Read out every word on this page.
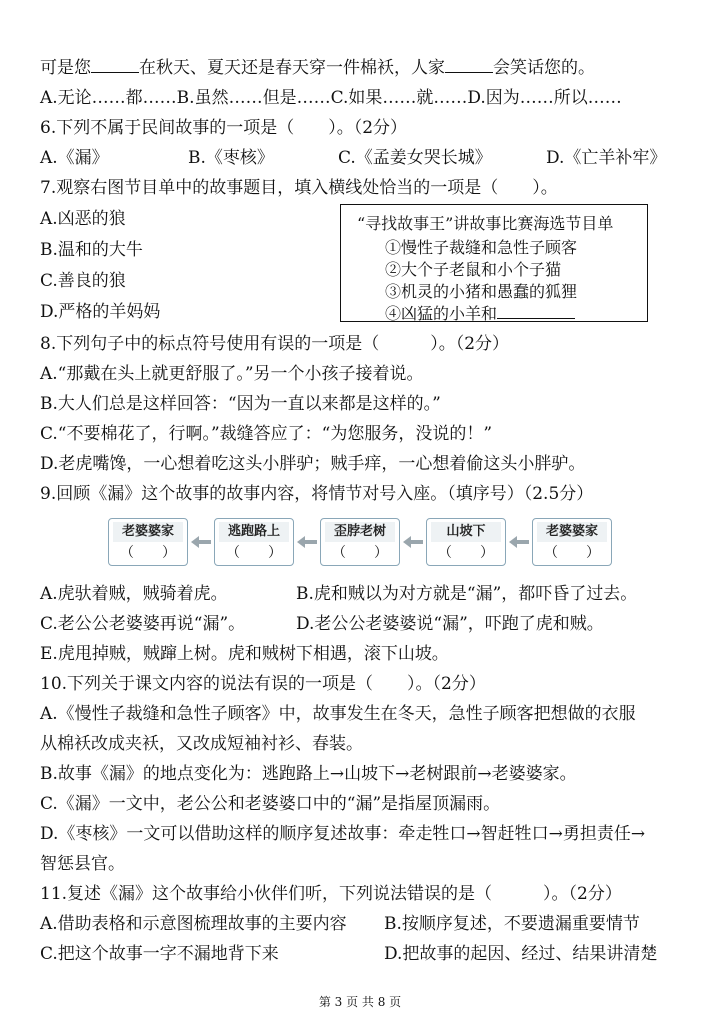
可是您	在秋天、夏天还是春天穿一件棉袄，人家	会笑话您的。
A.无论……都……B.虽然……但是……C.如果……就……D.因为……所以……
6.下列不属于民间故事的一项是（　　）。（2分）
A.《漏》	B.《枣核》	C.《孟姜女哭长城》	D.《亡羊补牢》
7.观察右图节目单中的故事题目，填入横线处恰当的一项是（　　）。
A.凶恶的狼
B.温和的大牛
C.善良的狼
D.严格的羊妈妈
“寻找故事王”讲故事比赛海选节目单
①慢性子裁缝和急性子顾客
②大个子老鼠和小个子猫
③机灵的小猪和愚蠢的狐狸
④凶猛的小羊和
8.下列句子中的标点符号使用有误的一项是（　　　）。（2分）
A.“那戴在头上就更舒服了。”另一个小孩子接着说。
B.大人们总是这样回答：“因为一直以来都是这样的。”
C.“不要棉花了，行啊。”裁缝答应了：“为您服务，没说的！”
D.老虎嘴馋，一心想着吃这头小胖驴；贼手痒，一心想着偷这头小胖驴。
9.回顾《漏》这个故事的故事内容，将情节对号入座。（填序号）（2.5分）
老婆婆家
（　　）
逃跑路上
（　　）
歪脖老树
（　　）
山坡下
（　　）
老婆婆家
（　　）
A.虎驮着贼，贼骑着虎。	B.虎和贼以为对方就是“漏”，都吓昏了过去。
C.老公公老婆婆再说“漏”。	D.老公公老婆婆说“漏”，吓跑了虎和贼。
E.虎甩掉贼，贼蹿上树。虎和贼树下相遇，滚下山坡。
10.下列关于课文内容的说法有误的一项是（　　）。（2分）
A.《慢性子裁缝和急性子顾客》中，故事发生在冬天，急性子顾客把想做的衣服
从棉袄改成夹袄，又改成短袖衬衫、春装。
B.故事《漏》的地点变化为：逃跑路上→山坡下→老树跟前→老婆婆家。
C.《漏》一文中，老公公和老婆婆口中的“漏”是指屋顶漏雨。
D.《枣核》一文可以借助这样的顺序复述故事：牵走牲口→智赶牲口→勇担责任→
智惩县官。
11.复述《漏》这个故事给小伙伴们听，下列说法错误的是（　　　）。（2分）
A.借助表格和示意图梳理故事的主要内容 B.按顺序复述，不要遗漏重要情节
C.把这个故事一字不漏地背下来	D.把故事的起因、经过、结果讲清楚
第 3 页 共 8 页
